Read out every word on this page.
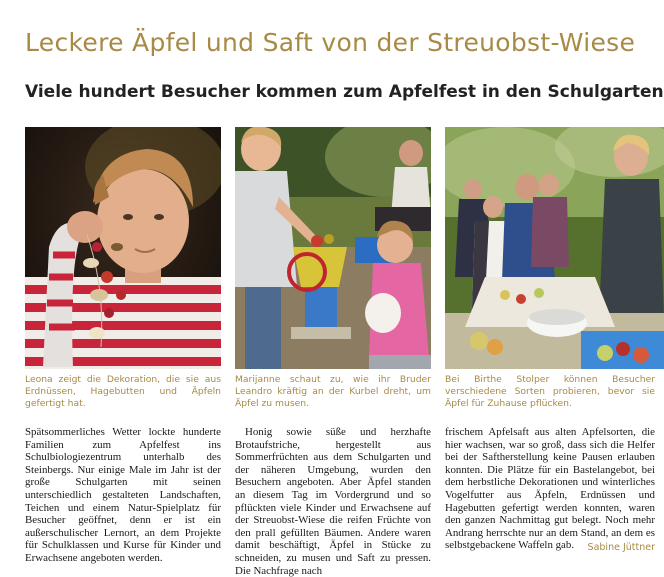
Leckere Äpfel und Saft von der Streuobst-Wiese
Viele hundert Besucher kommen zum Apfelfest in den Schulgarten

Leona zeigt die Dekoration, die sie aus Erdnüssen, Hagebutten und Äpfeln gefertigt hat.

Marijanne schaut zu, wie ihr Bruder Leandro kräftig an der Kurbel dreht, um Äpfel zu musen.

Bei Birthe Stolper können Besucher verschiedene Sorten probieren, bevor sie Äpfel für Zuhause pflücken.

Spätsommerliches Wetter lockte hunderte Familien zum Apfelfest ins Schulbiologiezentrum unterhalb des Steinbergs. Nur einige Male im Jahr ist der große Schulgarten mit seinen unterschiedlich gestalteten Landschaften, Teichen und einem Natur-Spielplatz für Besucher geöffnet, denn er ist ein außerschulischer Lernort, an dem Projekte für Schulklassen und Kurse für Kinder und Erwachsene angeboten werden.

Honig sowie süße und herzhafte Brotaufstriche, hergestellt aus Sommerfrüchten aus dem Schulgarten und der näheren Umgebung, wurden den Besuchern angeboten. Aber Äpfel standen an diesem Tag im Vordergrund und so pflückten viele Kinder und Erwachsene auf der Streuobst-Wiese die reifen Früchte von den prall gefüllten Bäumen. Andere waren damit beschäftigt, Äpfel in Stücke zu schneiden, zu musen und Saft zu pressen. Die Nachfrage nach

frischem Apfelsaft aus alten Apfelsorten, die hier wachsen, war so groß, dass sich die Helfer bei der Saftherstellung keine Pausen erlauben konnten. Die Plätze für ein Bastelangebot, bei dem herbstliche Dekorationen und winterliches Vogelfutter aus Äpfeln, Erdnüssen und Hagebutten gefertigt werden konnten, waren den ganzen Nachmittag gut belegt. Noch mehr Andrang herrschte nur an dem Stand, an dem es selbstgebackene Waffeln gab.	Sabine Jüttner
